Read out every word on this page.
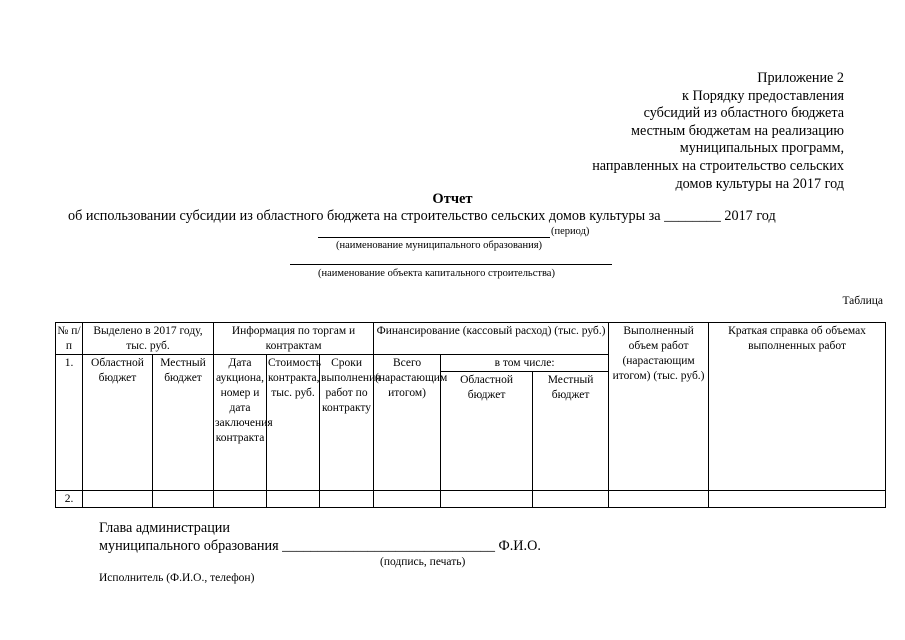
Приложение 2
к Порядку предоставления
субсидий из областного бюджета
местным бюджетам на реализацию
муниципальных программ,
направленных на строительство сельских
домов культуры на 2017 год
Отчет
об использовании субсидии из областного бюджета на строительство сельских домов культуры за ________ 2017 год
(период)
(наименование муниципального образования)
(наименование объекта капитального строительства)
Таблица
№ п/п	Выделено в 2017 году, тыс. руб.		Информация по торгам и контрактам			Финансирование (кассовый расход) (тыс. руб.)			Выполненный объем работ (нарастающим итогом) (тыс. руб.)	Краткая справка об объемах выполненных работ
1.	Областной бюджет	Местный бюджет	Дата аукциона, номер и дата заключения контракта	Стоимость контракта, тыс. руб.	Сроки выполнения работ по контракту	Всего (нарастающим итогом)	в том числе:			
							Областной бюджет	Местный бюджет		
2.										
Глава администрации
муниципального образования ______________________________ Ф.И.О.
(подпись, печать)
Исполнитель (Ф.И.О., телефон)
